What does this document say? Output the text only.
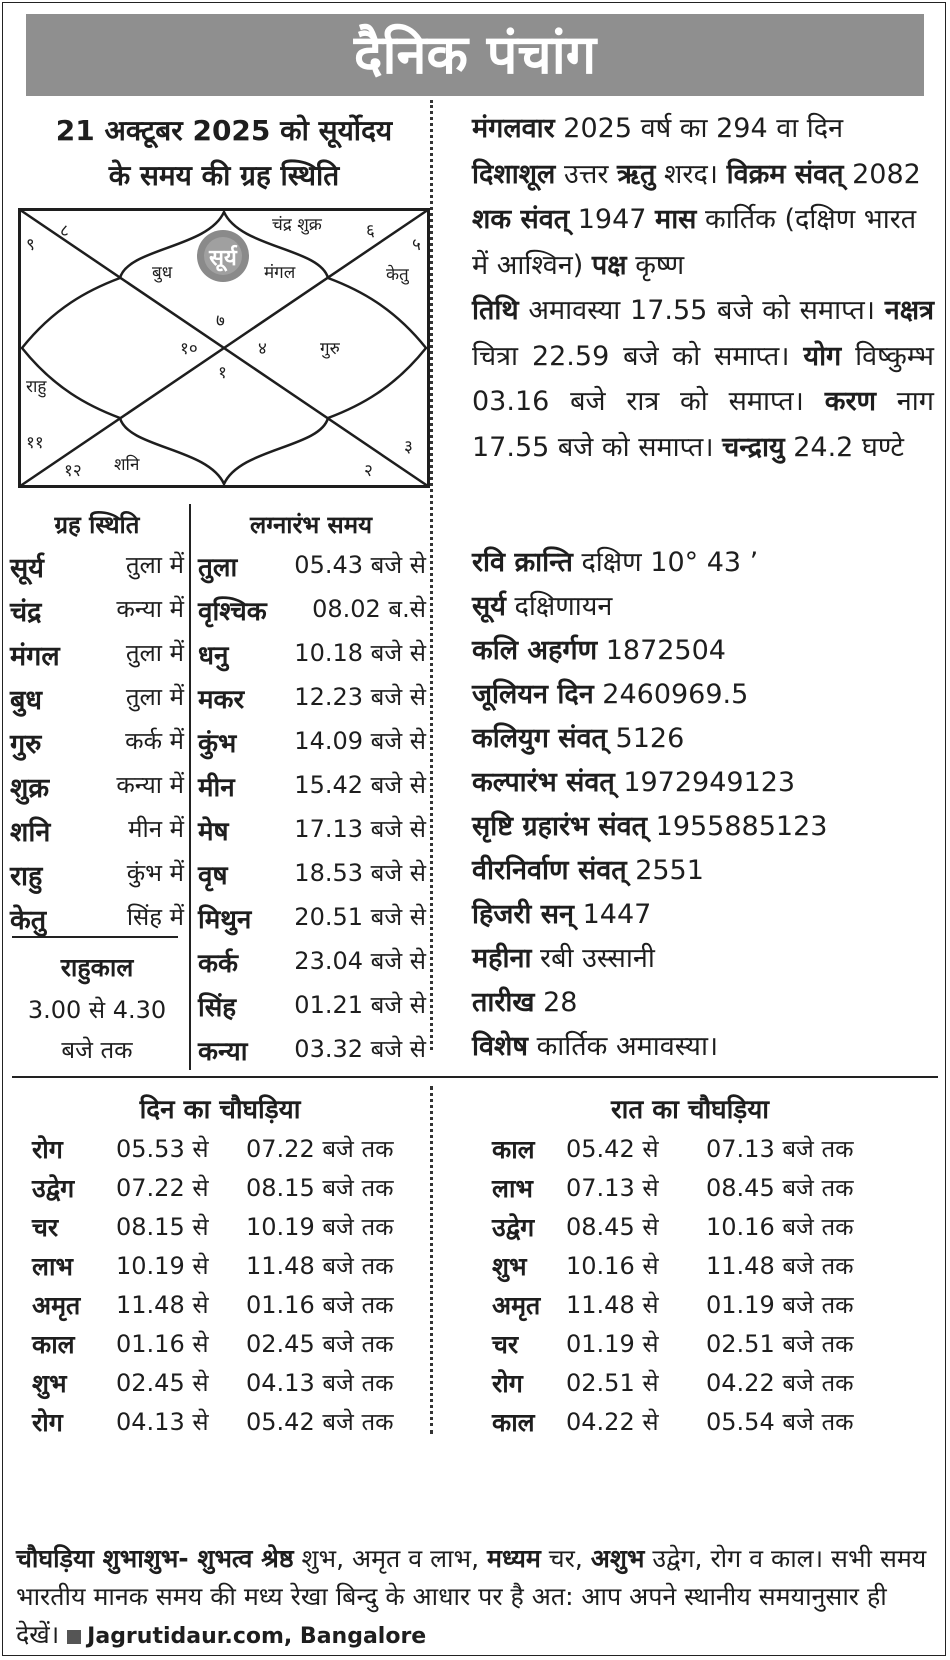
दैनिक पंचांग
21 अक्टूबर 2025 को सूर्योदय
के समय की ग्रह स्थिति
सूर्य
८
९	५
६
७
१०	४
१
११
१२
३
२
बुध	मंगल
चंद्र शुक्र
केतु
गुरु
राहु
शनि
ग्रह स्थिति
सूर्य	तुला में
चंद्र	कन्या में
मंगल	तुला में
बुध	तुला में
गुरु	कर्क में
शुक्र	कन्या में
शनि	मीन में
राहु	कुंभ में
केतु	सिंह में
राहुकाल
3.00 से 4.30
बजे तक
लग्नारंभ समय
तुला	05.43 बजे से
वृश्चिक	08.02 ब.से
धनु	10.18 बजे से
मकर	12.23 बजे से
कुंभ	14.09 बजे से
मीन	15.42 बजे से
मेष	17.13 बजे से
वृष	18.53 बजे से
मिथुन	20.51 बजे से
कर्क	23.04 बजे से
सिंह	01.21 बजे से
कन्या	03.32 बजे से

मंगलवार 2025 वर्ष का 294 वा दिन दिशाशूल उत्तर ऋतु शरद। विक्रम संवत् 2082 शक संवत् 1947 मास कार्तिक (दक्षिण भारत में आश्विन) पक्ष कृष्ण

तिथि अमावस्या 17.55 बजे को समाप्त। नक्षत्र चित्रा 22.59 बजे को समाप्त। योग विष्कुम्भ 03.16 बजे रात्र को समाप्त। करण नाग 17.55 बजे को समाप्त। चन्द्रायु 24.2 घण्टे

रवि क्रान्ति दक्षिण 10° 43 ’
सूर्य दक्षिणायन
कलि अहर्गण 1872504
जूलियन दिन 2460969.5
कलियुग संवत् 5126
कल्पारंभ संवत् 1972949123
सृष्टि ग्रहारंभ संवत् 1955885123
वीरनिर्वाण संवत् 2551
हिजरी सन् 1447
महीना रबी उस्सानी
तारीख 28
विशेष कार्तिक अमावस्या।
दिन का चौघड़िया	रात का चौघड़िया
रोग 05.53 से 07.22 बजे तक
उद्वेग 07.22 से 08.15 बजे तक
चर 08.15 से 10.19 बजे तक
लाभ 10.19 से 11.48 बजे तक
अमृत 11.48 से 01.16 बजे तक
काल 01.16 से 02.45 बजे तक
शुभ 02.45 से 04.13 बजे तक
रोग 04.13 से 05.42 बजे तक
काल 05.42 से 07.13 बजे तक
लाभ 07.13 से 08.45 बजे तक
उद्वेग 08.45 से 10.16 बजे तक
शुभ 10.16 से 11.48 बजे तक
अमृत 11.48 से 01.19 बजे तक
चर 01.19 से 02.51 बजे तक
रोग 02.51 से 04.22 बजे तक
काल 04.22 से 05.54 बजे तक
चौघड़िया शुभाशुभ- शुभत्व श्रेष्ठ शुभ, अमृत व लाभ, मध्यम चर, अशुभ उद्वेग, रोग व काल। सभी समय भारतीय मानक समय की मध्य रेखा बिन्दु के आधार पर है अत: आप अपने स्थानीय समयानुसार ही देखें। Jagrutidaur.com, Bangalore
